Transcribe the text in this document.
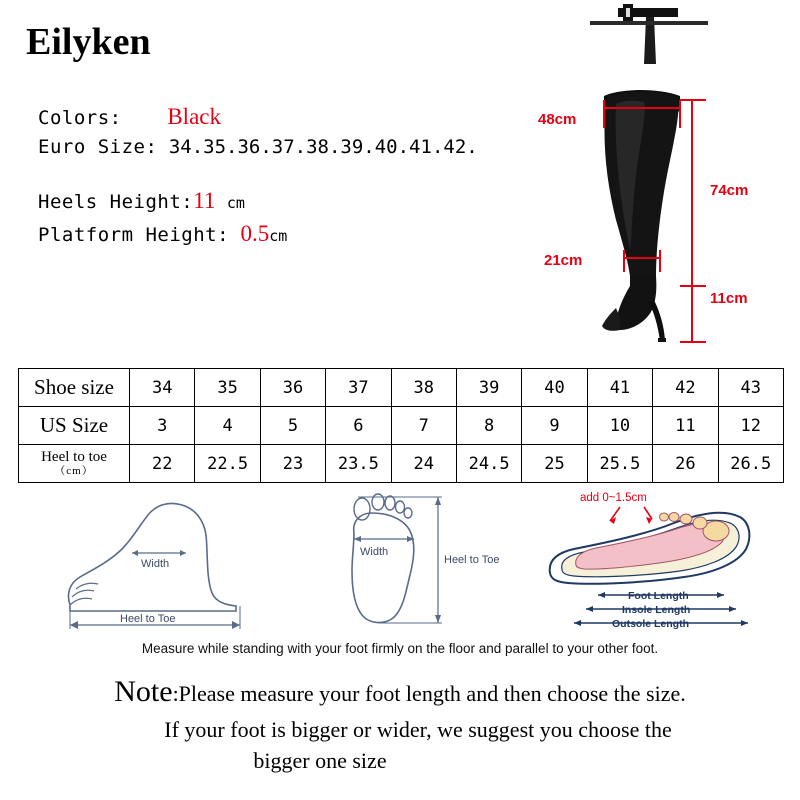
Eilyken
Colors: Black
Euro Size: 34.35.36.37.38.39.40.41.42.
Heels Height:11 cm
Platform Height: 0.5cm
48cm
21cm
74cm
11cm
Shoe size	34	35	36	37	38	39	40	41	42	43
US Size	3	4	5	6	7	8	9	10	11	12
Heel to toe
（cm）	22	22.5	23	23.5	24	24.5	25	25.5	26	26.5
Width
Heel to Toe
Width
Heel to Toe
Foot Length
Insole Length
Outsole Length
add 0~1.5cm
Measure while standing with your foot firmly on the floor and parallel to your other foot.
Note:Please measure your foot length and then choose the size.
If your foot is bigger or wider, we suggest you choose the
bigger one size
